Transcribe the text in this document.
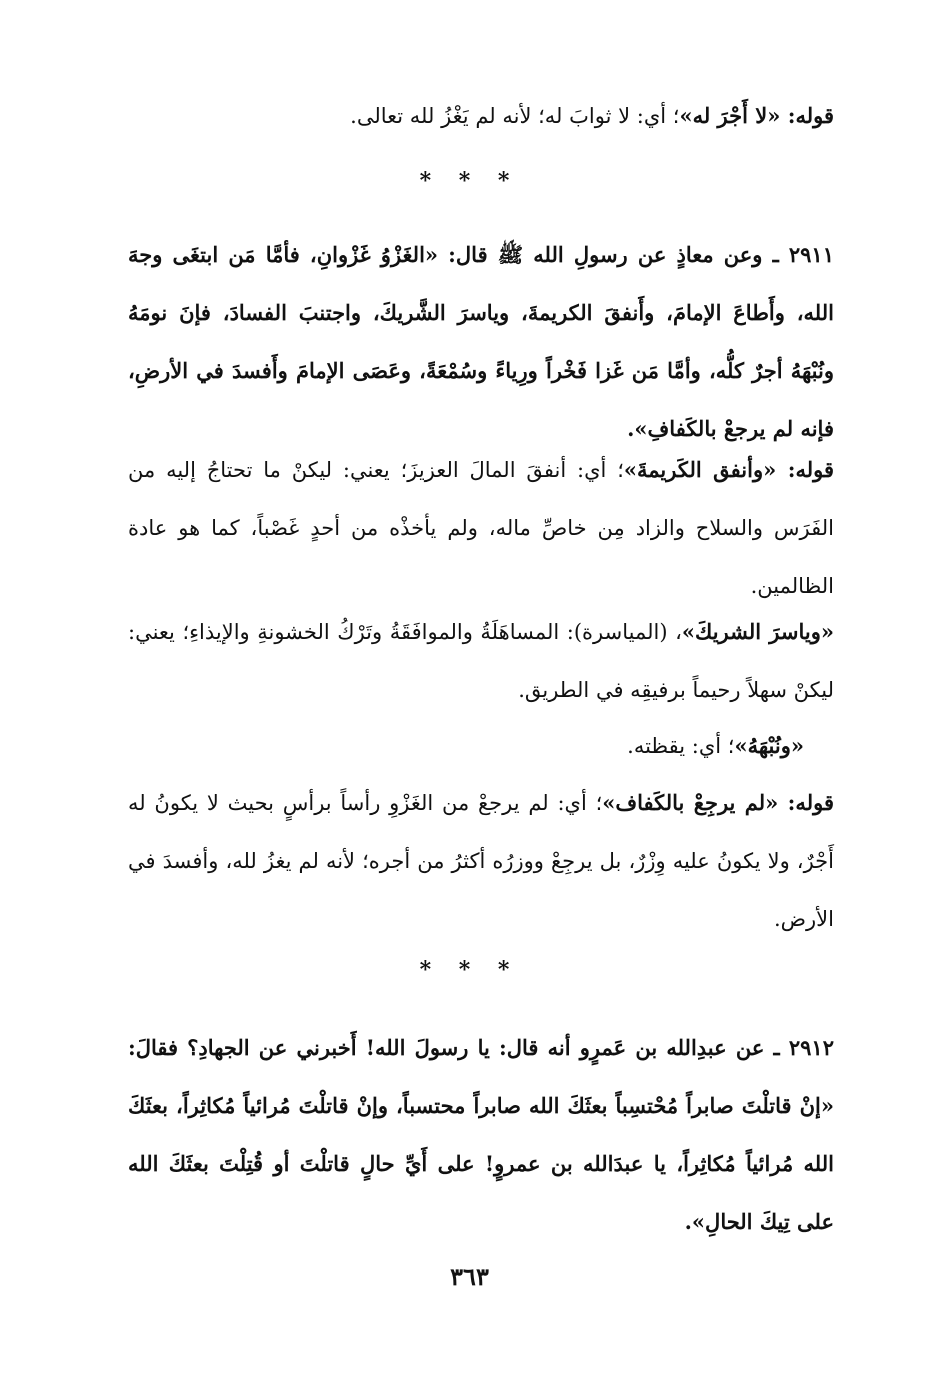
قوله: «لا أَجْرَ له»؛ أي: لا ثوابَ له؛ لأنه لم يَغْزُ لله تعالى.
* * *

٢٩١١ ـ وعن معاذٍ عن رسولِ الله ﷺ قال: «الغَزْوُ غَزْوانِ، فأمَّا مَن ابتغَى وجهَ الله، وأَطاعَ الإمامَ، وأَنفقَ الكريمةَ، وياسرَ الشَّريكَ، واجتنبَ الفسادَ، فإنَ نومَهُ ونُبْهَهُ أجرٌ كلُّه، وأمَّا مَن غَزا فَخْراً ورِياءً وسُمْعَةً، وعَصَى الإمامَ وأَفسدَ في الأرضِ، فإنه لم يرجعْ بالكَفافِ».

قوله: «وأنفق الكَريمةَ»؛ أي: أنفقَ المالَ العزيزَ؛ يعني: ليكنْ ما تحتاجُ إليه من الفَرَس والسلاح والزاد مِن خاصِّ ماله، ولم يأخذْه من أحدٍ غَصْباً، كما هو عادة الظالمين.

«وياسرَ الشريكَ»، (المياسرة): المساهَلَةُ والموافَقَةُ وتَرْكُ الخشونةِ والإيذاءِ؛ يعني: ليكنْ سهلاً رحيماً برفيقِه في الطريق.

«ونُبْهَهُ»؛ أي: يقظته.

قوله: «لم يرجِعْ بالكَفاف»؛ أي: لم يرجعْ من الغَزْوِ رأساً برأسٍ بحيث لا يكونُ له أَجْرٌ، ولا يكونُ عليه وِزْرٌ، بل يرجِعْ ووزرُه أكثرُ من أجره؛ لأنه لم يغزُ لله، وأفسدَ في الأرض.

* * *

٢٩١٢ ـ عن عبدِالله بن عَمرٍو أنه قال: يا رسولَ الله! أَخبرني عن الجهادِ؟ فقالَ: «إنْ قاتلْتَ صابراً مُحْتسِباً بعثَكَ الله صابراً محتسباً، وإنْ قاتلْتَ مُرائياً مُكاثِراً، بعثَكَ الله مُرائياً مُكاثِراً، يا عبدَالله بن عمروٍ! على أَيِّ حالٍ قاتلْتَ أو قُتِلْتَ بعثَكَ الله على تِيكَ الحالِ».

٣٦٣
